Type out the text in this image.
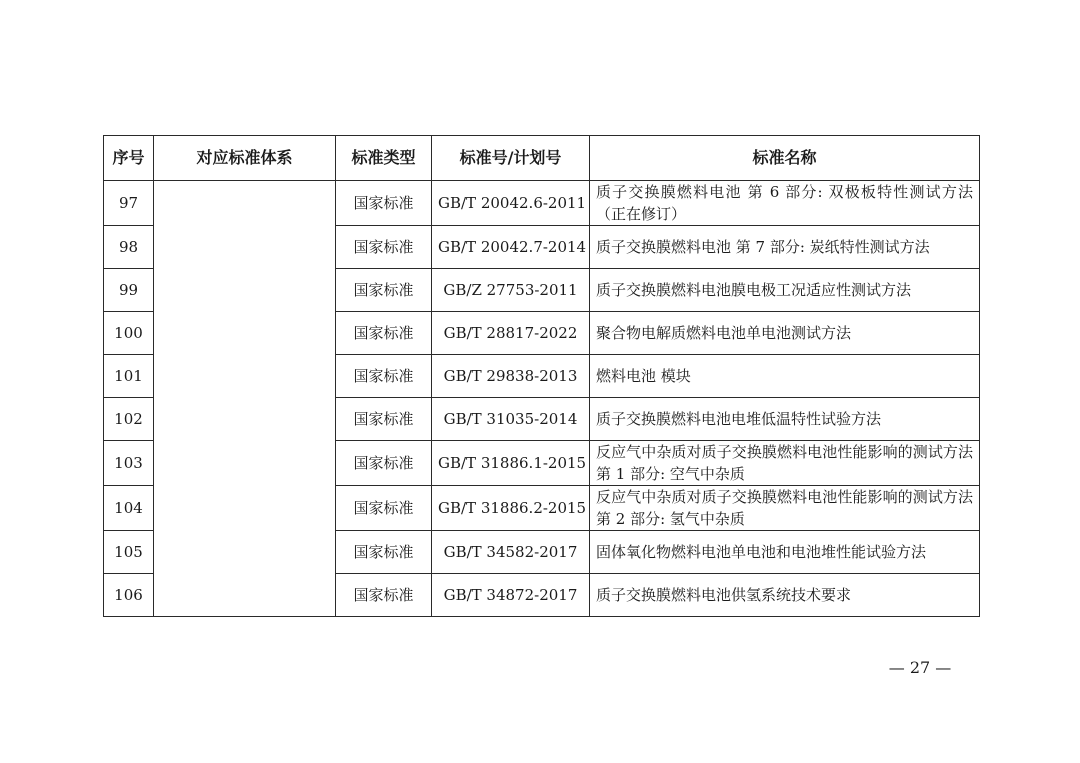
序号	对应标准体系	标准类型	标准号/计划号	标准名称
97		国家标准	GB/T 20042.6-2011	质子交换膜燃料电池 第 6 部分: 双极板特性测试方法（正在修订）
98		国家标准	GB/T 20042.7-2014	质子交换膜燃料电池 第 7 部分: 炭纸特性测试方法
99		国家标准	GB/Z 27753-2011	质子交换膜燃料电池膜电极工况适应性测试方法
100		国家标准	GB/T 28817-2022	聚合物电解质燃料电池单电池测试方法
101		国家标准	GB/T 29838-2013	燃料电池 模块
102		国家标准	GB/T 31035-2014	质子交换膜燃料电池电堆低温特性试验方法
103		国家标准	GB/T 31886.1-2015	反应气中杂质对质子交换膜燃料电池性能影响的测试方法 第 1 部分: 空气中杂质
104		国家标准	GB/T 31886.2-2015	反应气中杂质对质子交换膜燃料电池性能影响的测试方法 第 2 部分: 氢气中杂质
105		国家标准	GB/T 34582-2017	固体氧化物燃料电池单电池和电池堆性能试验方法
106		国家标准	GB/T 34872-2017	质子交换膜燃料电池供氢系统技术要求
— 27 —
